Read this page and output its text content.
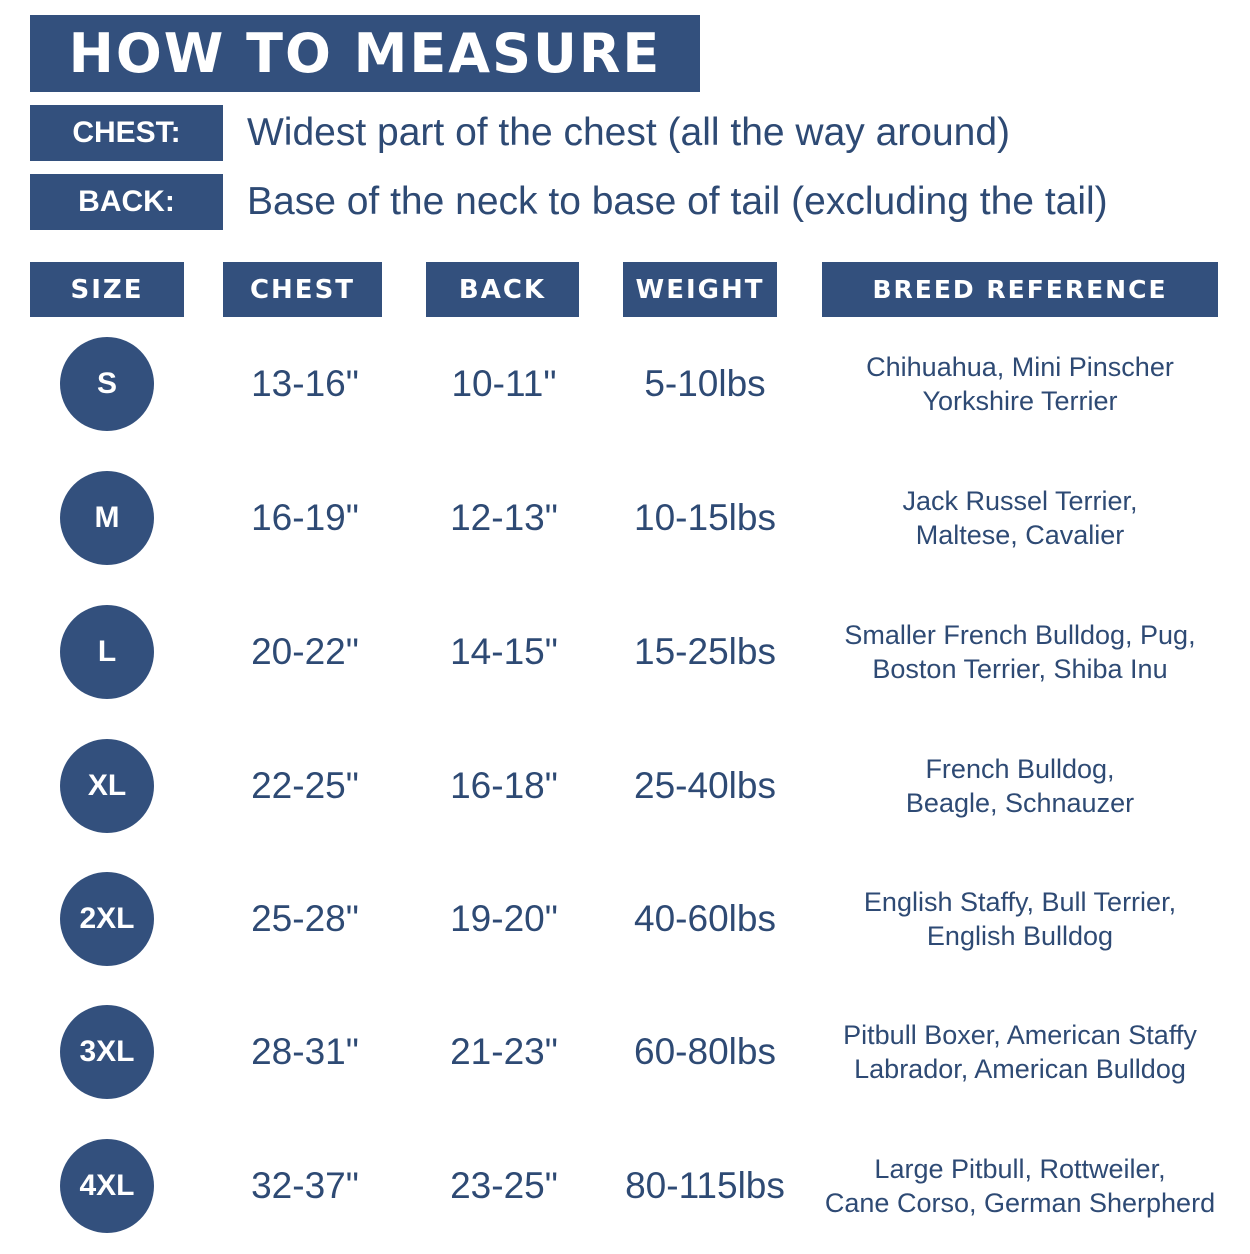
HOW TO MEASURE
CHEST:	Widest part of the chest (all the way around)
BACK:	Base of the neck to base of tail (excluding the tail)
SIZE	CHEST	BACK	WEIGHT	BREED REFERENCE
S	13-16"	10-11"	5-10lbs	Chihuahua, Mini Pinscher
Yorkshire Terrier
M	16-19"	12-13"	10-15lbs	Jack Russel Terrier,
Maltese, Cavalier
L	20-22"	14-15"	15-25lbs	Smaller French Bulldog, Pug,
Boston Terrier, Shiba Inu
XL	22-25"	16-18"	25-40lbs	French Bulldog,
Beagle, Schnauzer
2XL	25-28"	19-20"	40-60lbs	English Staffy, Bull Terrier,
English Bulldog
3XL	28-31"	21-23"	60-80lbs	Pitbull Boxer, American Staffy
Labrador, American Bulldog
4XL	32-37"	23-25"	80-115lbs	Large Pitbull, Rottweiler,
Cane Corso, German Sherpherd
